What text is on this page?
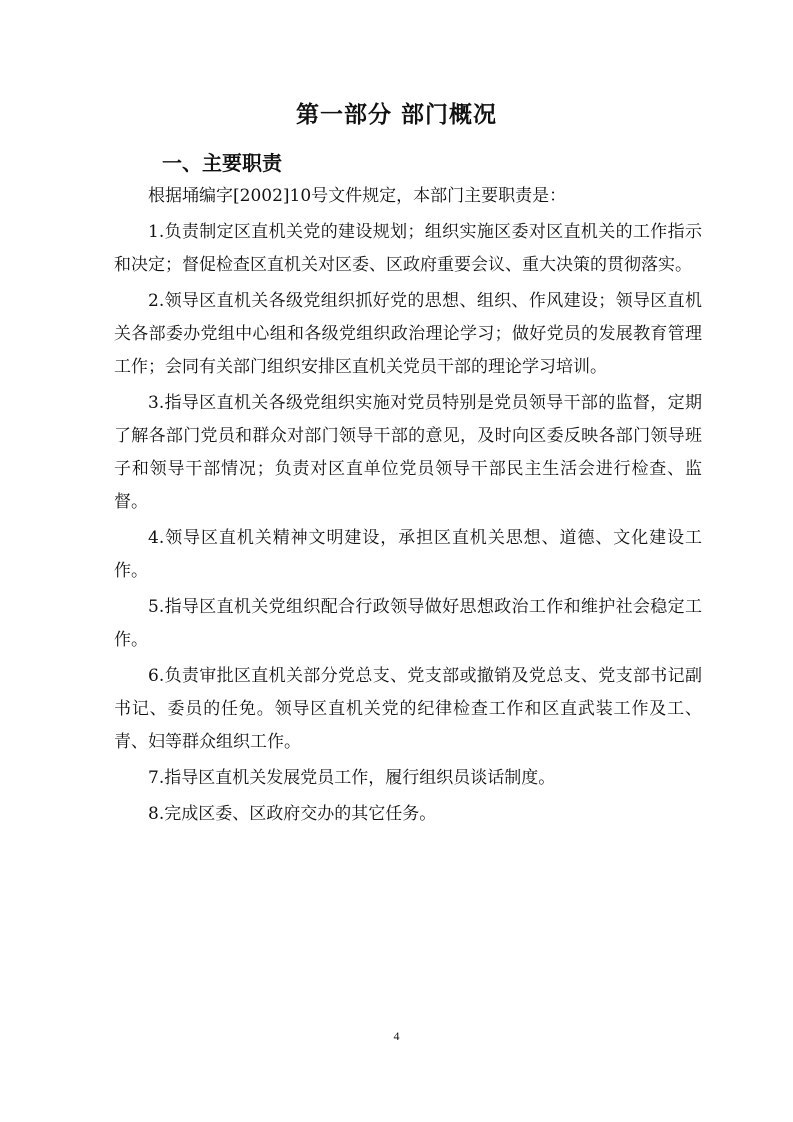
第一部分 部门概况
一、主要职责

根据埇编字[2002]10号文件规定，本部门主要职责是：

1.负责制定区直机关党的建设规划；组织实施区委对区直机关的工作指示和决定；督促检查区直机关对区委、区政府重要会议、重大决策的贯彻落实。

2.领导区直机关各级党组织抓好党的思想、组织、作风建设；领导区直机关各部委办党组中心组和各级党组织政治理论学习；做好党员的发展教育管理工作；会同有关部门组织安排区直机关党员干部的理论学习培训。

3.指导区直机关各级党组织实施对党员特别是党员领导干部的监督，定期了解各部门党员和群众对部门领导干部的意见，及时向区委反映各部门领导班子和领导干部情况；负责对区直单位党员领导干部民主生活会进行检查、监督。

4.领导区直机关精神文明建设，承担区直机关思想、道德、文化建设工作。

5.指导区直机关党组织配合行政领导做好思想政治工作和维护社会稳定工作。

6.负责审批区直机关部分党总支、党支部或撤销及党总支、党支部书记副书记、委员的任免。领导区直机关党的纪律检查工作和区直武装工作及工、青、妇等群众组织工作。

7.指导区直机关发展党员工作，履行组织员谈话制度。

8.完成区委、区政府交办的其它任务。

4
